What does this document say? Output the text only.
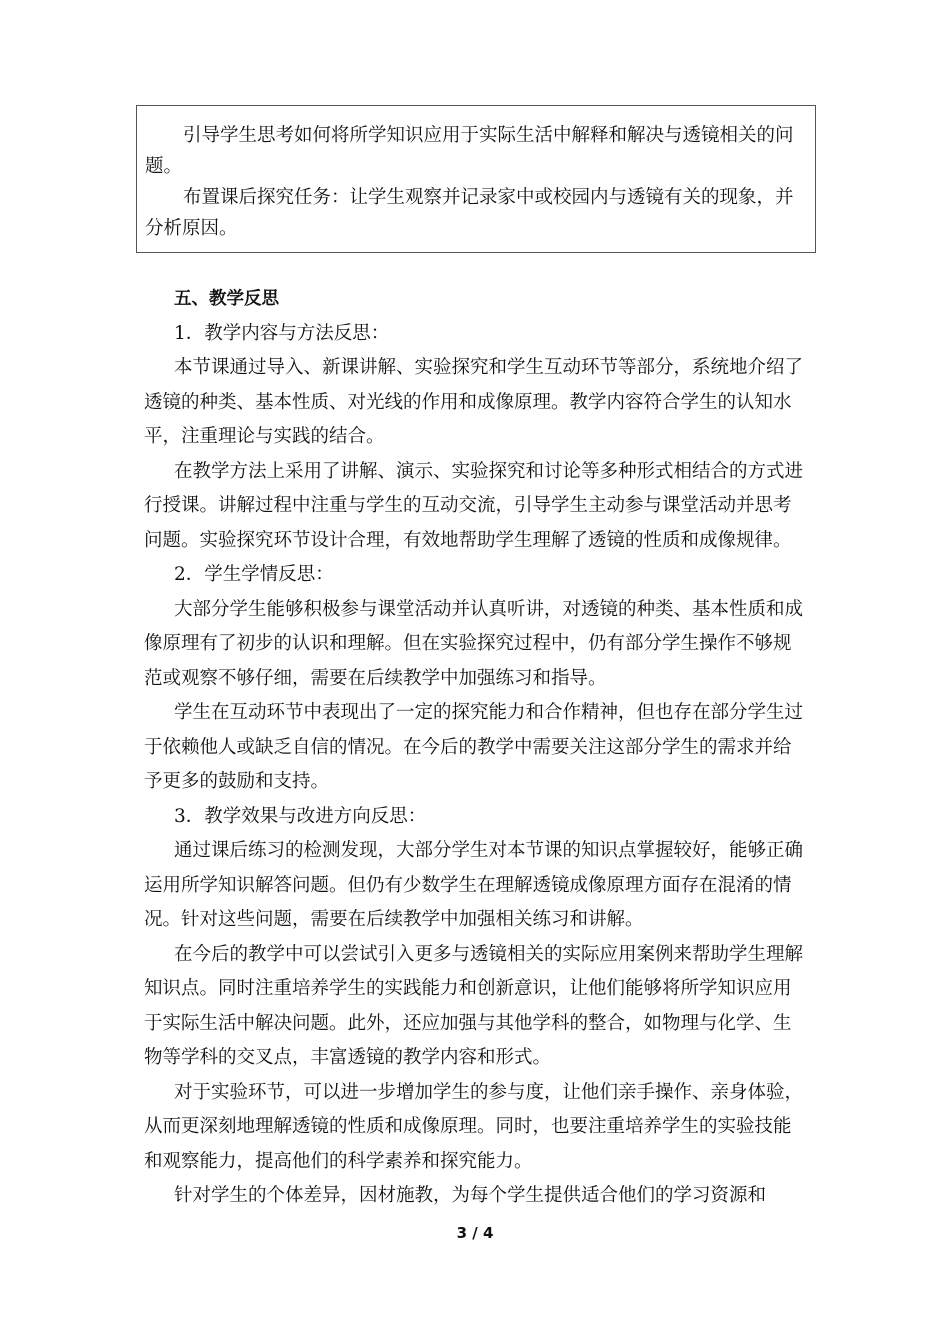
引导学生思考如何将所学知识应用于实际生活中解释和解决与透镜相关的问题。

布置课后探究任务：让学生观察并记录家中或校园内与透镜有关的现象，并分析原因。

五、教学反思

1．教学内容与方法反思：

本节课通过导入、新课讲解、实验探究和学生互动环节等部分，系统地介绍了透镜的种类、基本性质、对光线的作用和成像原理。教学内容符合学生的认知水平，注重理论与实践的结合。

在教学方法上采用了讲解、演示、实验探究和讨论等多种形式相结合的方式进行授课。讲解过程中注重与学生的互动交流，引导学生主动参与课堂活动并思考问题。实验探究环节设计合理，有效地帮助学生理解了透镜的性质和成像规律。

2．学生学情反思：

大部分学生能够积极参与课堂活动并认真听讲，对透镜的种类、基本性质和成像原理有了初步的认识和理解。但在实验探究过程中，仍有部分学生操作不够规范或观察不够仔细，需要在后续教学中加强练习和指导。

学生在互动环节中表现出了一定的探究能力和合作精神，但也存在部分学生过于依赖他人或缺乏自信的情况。在今后的教学中需要关注这部分学生的需求并给予更多的鼓励和支持。

3．教学效果与改进方向反思：

通过课后练习的检测发现，大部分学生对本节课的知识点掌握较好，能够正确运用所学知识解答问题。但仍有少数学生在理解透镜成像原理方面存在混淆的情况。针对这些问题，需要在后续教学中加强相关练习和讲解。

在今后的教学中可以尝试引入更多与透镜相关的实际应用案例来帮助学生理解知识点。同时注重培养学生的实践能力和创新意识，让他们能够将所学知识应用于实际生活中解决问题。此外，还应加强与其他学科的整合，如物理与化学、生物等学科的交叉点，丰富透镜的教学内容和形式。

对于实验环节，可以进一步增加学生的参与度，让他们亲手操作、亲身体验，从而更深刻地理解透镜的性质和成像原理。同时，也要注重培养学生的实验技能和观察能力，提高他们的科学素养和探究能力。

针对学生的个体差异，因材施教，为每个学生提供适合他们的学习资源和

3 / 4
